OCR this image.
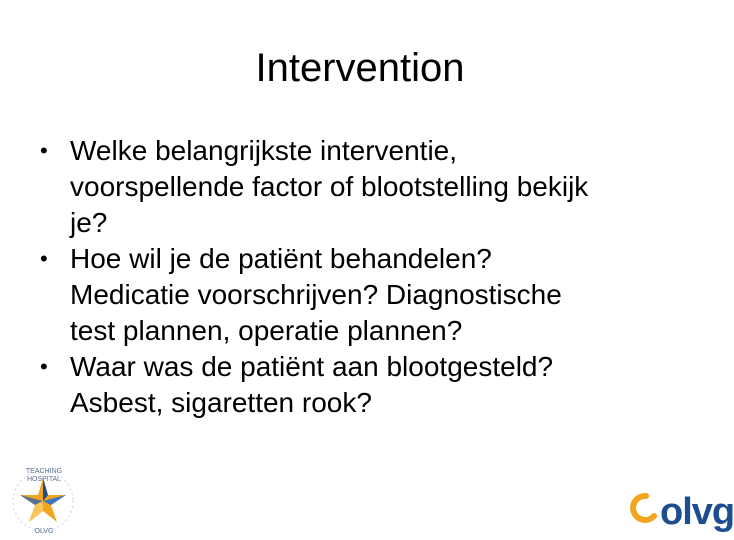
Intervention
• Welke belangrijkste interventie,
voorspellende factor of blootstelling bekijk
je?
• Hoe wil je de patiënt behandelen?
Medicatie voorschrijven? Diagnostische
test plannen, operatie plannen?
• Waar was de patiënt aan blootgesteld?
Asbest, sigaretten rook?
TEACHING HOSPITAL
OLVG	olvg
